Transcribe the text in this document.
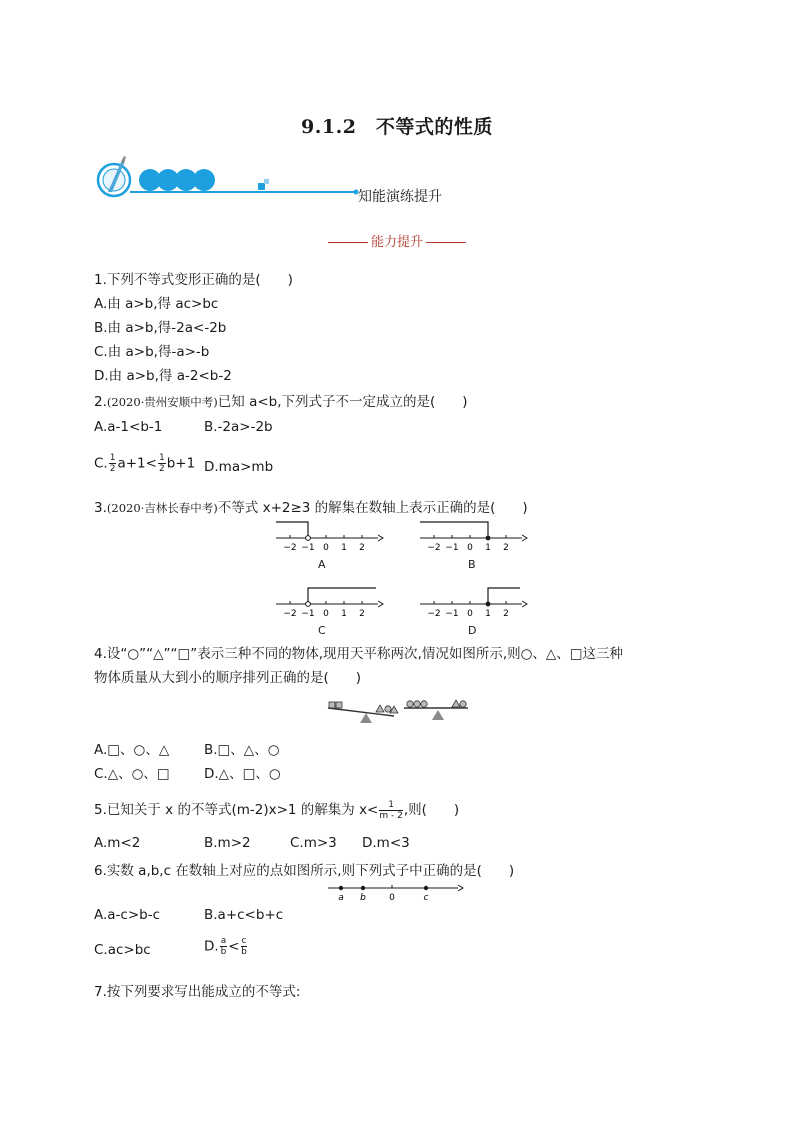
9.1.2　不等式的性质
知能演练提升
能力提升
1.下列不等式变形正确的是(　　)
A.由 a>b,得 ac>bc
B.由 a>b,得-2a<-2b
C.由 a>b,得-a>-b
D.由 a>b,得 a-2<b-2
2.(2020·贵州安顺中考)已知 a<b,下列式子不一定成立的是(　　)
A.a-1<b-1	B.-2a>-2b
C. $\frac{1}{2} a+1< \frac{1}{2} b+1$ D.ma>mb
3.(2020·吉林长春中考)不等式 x+2≥3 的解集在数轴上表示正确的是(　　)
−2 −1 0 1 2
A
−2 −1 0 1 2
B
−2 −1 0 1 2
C
−2 −1 0 1 2
D
4.设“○”“△”“□”表示三种不同的物体,现用天平称两次,情况如图所示,则○、△、□这三种
物体质量从大到小的顺序排列正确的是(　　)
A.□、○、△	B.□、△、○
C.△、○、□	D.△、□、○
5.已知关于 x 的不等式(m-2)x>1 的解集为 $x< \frac{1}{m - 2}$ ,则(　　)
A.m<2	B.m>2	C.m>3 D.m<3
6.实数 a,b,c 在数轴上对应的点如图所示,则下列式子中正确的是(　　)
a b	0	c
A.a-c>b-c	B.a+c<b+c
C.ac>bc	D. $\frac{a}{b} < \frac{c}{b}$
7.按下列要求写出能成立的不等式:
